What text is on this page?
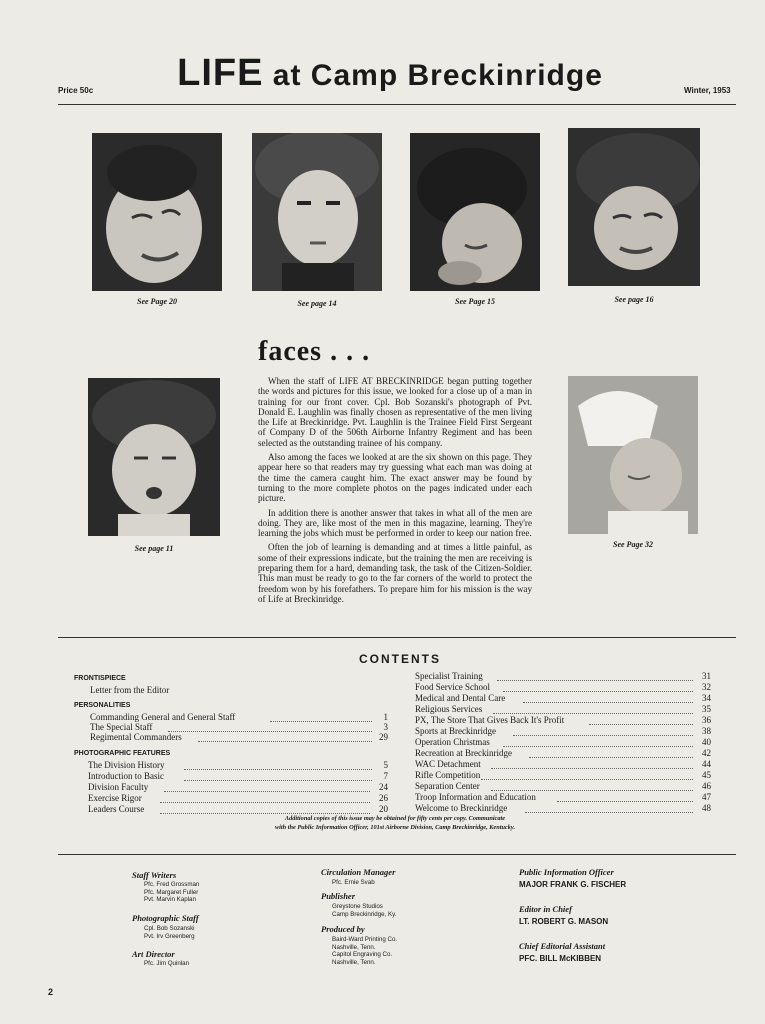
Price 50c	LIFE at Camp Breckinridge	Winter, 1953
See Page 20	See page 14	See Page 15	See page 16
faces . . .
See page 11

When the staff of LIFE AT BRECKINRIDGE began putting together the words and pictures for this issue, we looked for a close up of a man in training for our front cover. Cpl. Bob Sozanski's photograph of Pvt. Donald E. Laughlin was finally chosen as representative of the men living the Life at Breckinridge. Pvt. Laughlin is the Trainee Field First Sergeant of Company D of the 506th Airborne Infantry Regiment and has been selected as the outstanding trainee of his company.

Also among the faces we looked at are the six shown on this page. They appear here so that readers may try guessing what each man was doing at the time the camera caught him. The exact answer may be found by turning to the more complete photos on the pages indicated under each picture.

In addition there is another answer that takes in what all of the men are doing. They are, like most of the men in this magazine, learning. They're learning the jobs which must be performed in order to keep our nation free.

Often the job of learning is demanding and at times a little painful, as some of their expressions indicate, but the training the men are receiving is preparing them for a hard, demanding task, the task of the Citizen-Soldier. This man must be ready to go to the far corners of the world to protect the freedom won by his forefathers. To prepare him for his mission is the way of Life at Breckinridge.

See Page 32
CONTENTS
FRONTISPIECE
Letter from the Editor
PERSONALITIES
Commanding General and General Staff	1
The Special Staff	3
Regimental Commanders	29
PHOTOGRAPHIC FEATURES
The Division History	5
Introduction to Basic	7
Division Faculty	24
Exercise Rigor	26
Leaders Course	20
Specialist Training	31
Food Service School	32
Medical and Dental Care	34
Religious Services	35
PX, The Store That Gives Back It's Profit	36
Sports at Breckinridge	38
Operation Christmas	40
Recreation at Breckinridge	42
WAC Detachment	44
Rifle Competition	45
Separation Center	46
Troop Information and Education	47
Welcome to Breckinridge	48
Additional copies of this issue may be obtained for fifty cents per copy. Communicate
with the Public Information Officer, 101st Airborne Division, Camp Breckinridge, Kentucky.
Staff Writers
Pfc. Fred Grossman
Pfc. Margaret Fuller
Pvt. Marvin Kaplan
Photographic Staff
Cpl. Bob Sozanski
Pvt. Irv Greenberg
Art Director
Pfc. Jim Quinlan
Circulation Manager
Pfc. Ernie Svab
Publisher
Greystone Studios
Camp Breckinridge, Ky.
Produced by
Baird-Ward Printing Co.
Nashville, Tenn.
Capitol Engraving Co.
Nashville, Tenn.
Public Information Officer
MAJOR FRANK G. FISCHER
Editor in Chief
LT. ROBERT G. MASON
Chief Editorial Assistant
PFC. BILL McKIBBEN
2
